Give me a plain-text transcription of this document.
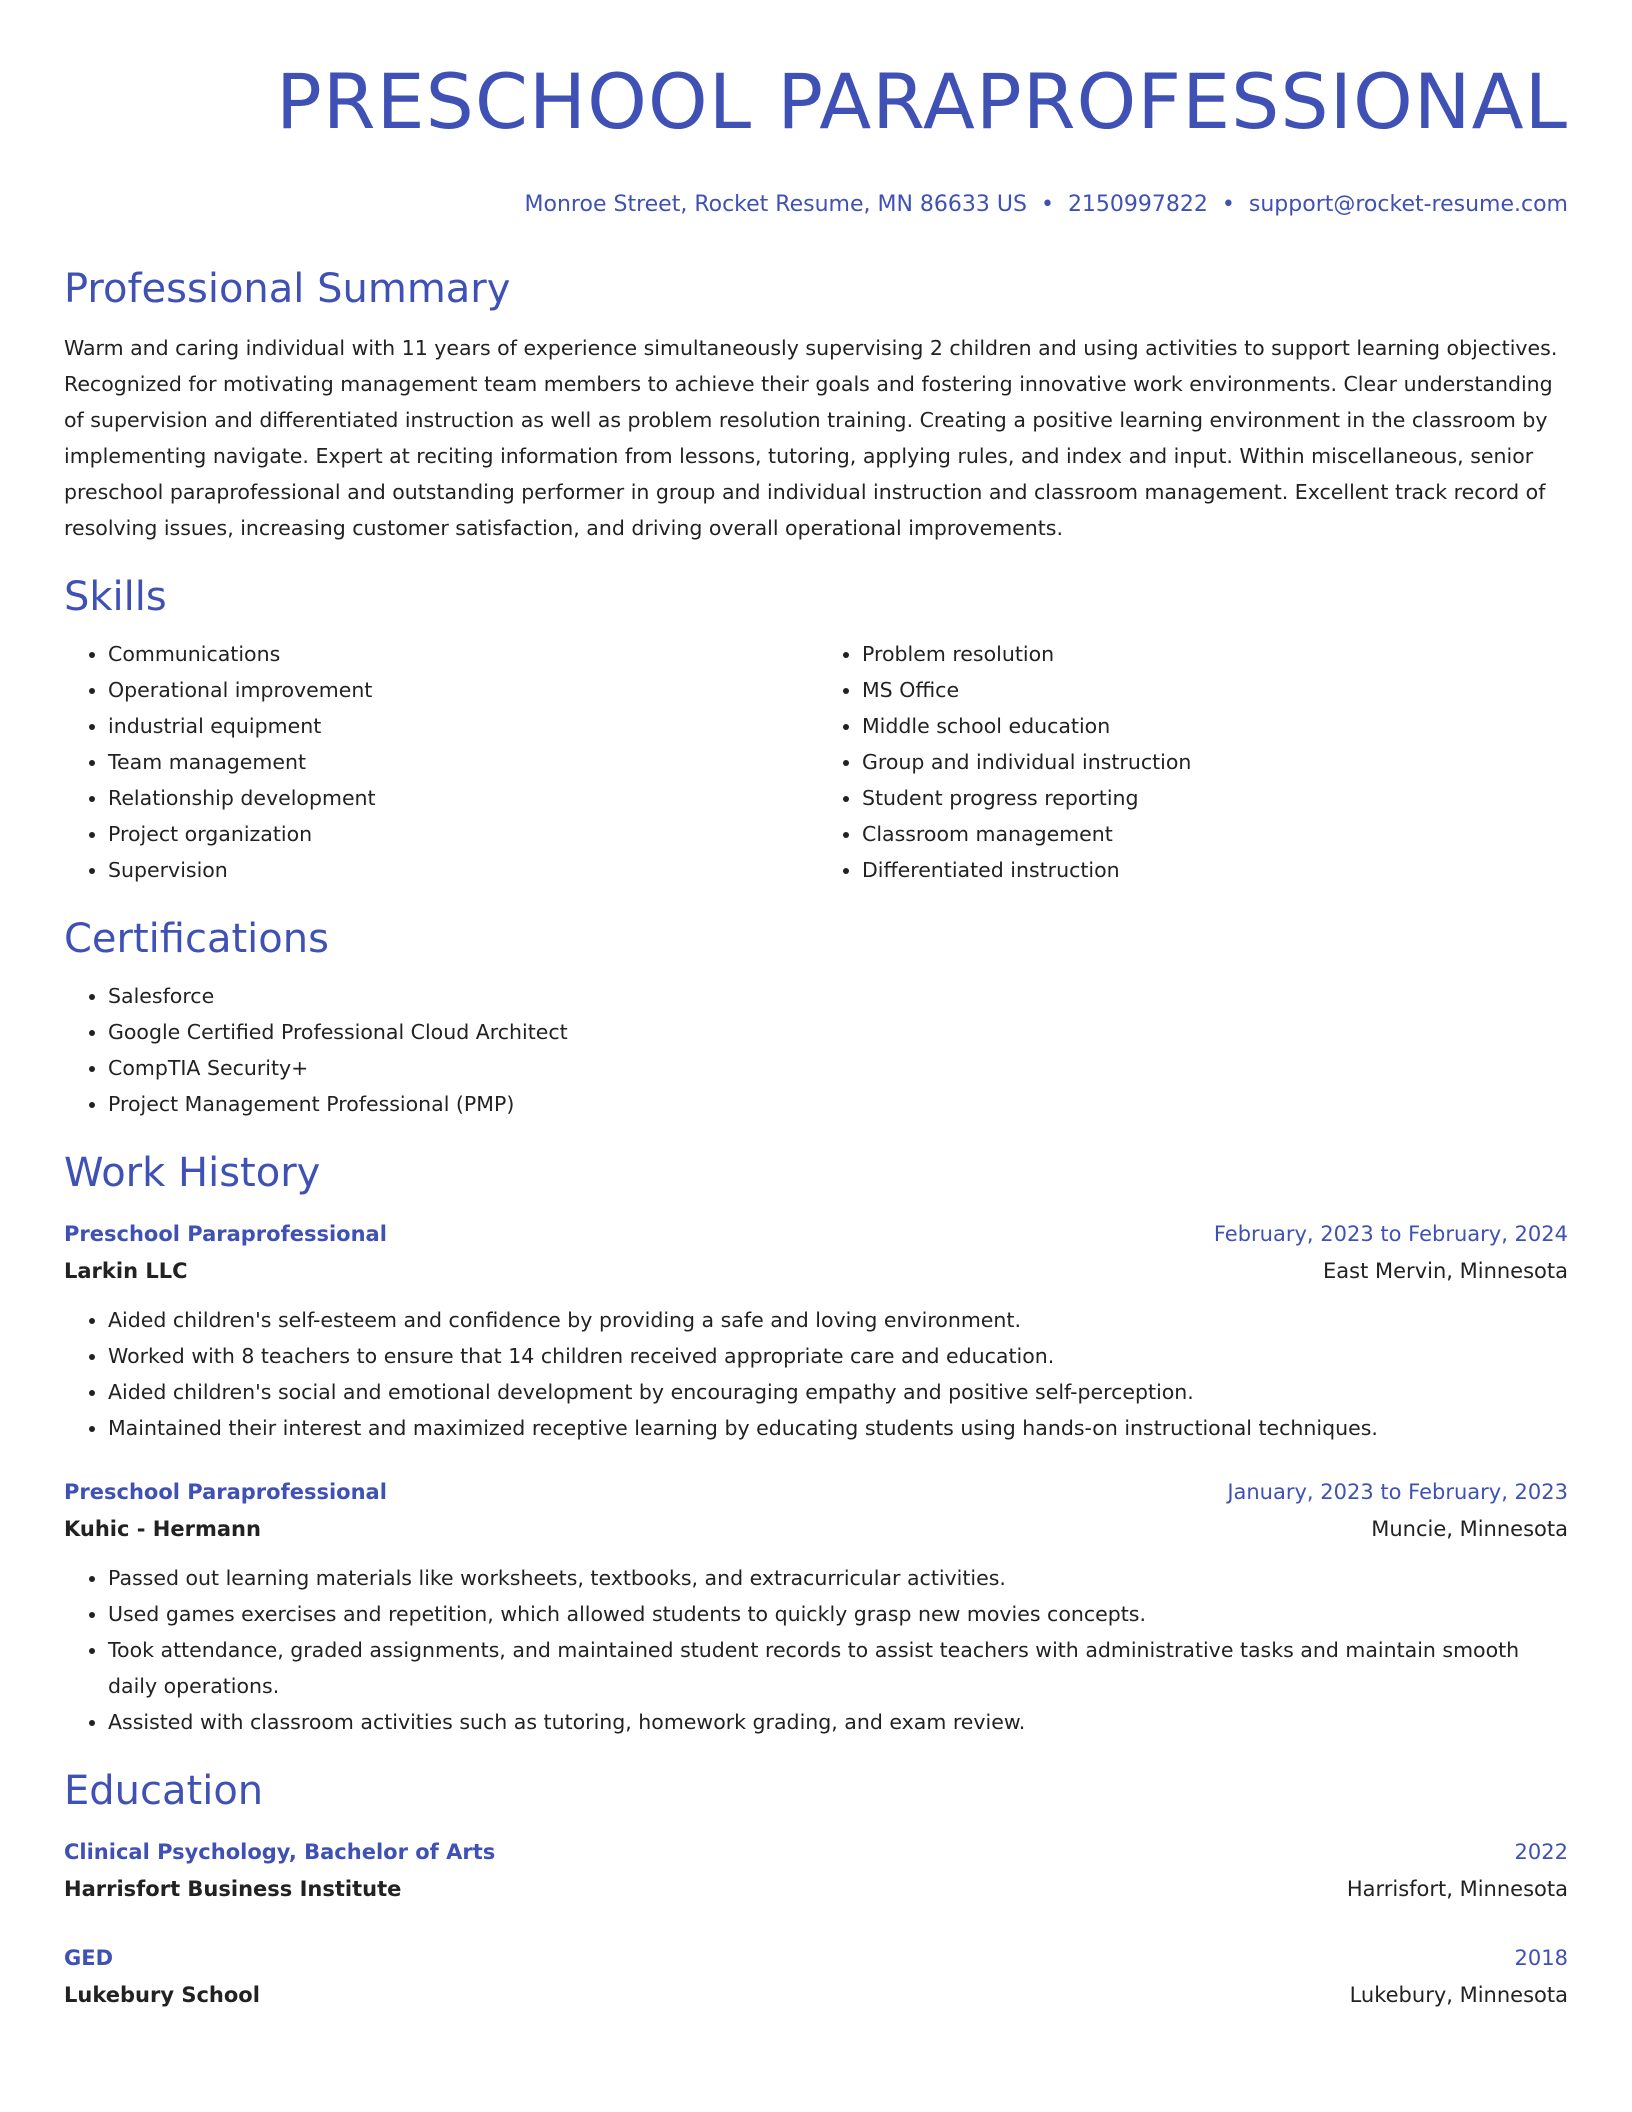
PRESCHOOL PARAPROFESSIONAL
Monroe Street, Rocket Resume, MN 86633 US • 2150997822 • support@rocket-resume.com
Professional Summary

Warm and caring individual with 11 years of experience simultaneously supervising 2 children and using activities to support learning objectives. Recognized for motivating management team members to achieve their goals and fostering innovative work environments. Clear understanding of supervision and differentiated instruction as well as problem resolution training. Creating a positive learning environment in the classroom by implementing navigate. Expert at reciting information from lessons, tutoring, applying rules, and index and input. Within miscellaneous, senior preschool paraprofessional and outstanding performer in group and individual instruction and classroom management. Excellent track record of resolving issues, increasing customer satisfaction, and driving overall operational improvements.

Skills
• Communications
• Operational improvement
• industrial equipment
• Team management
• Relationship development
• Project organization
• Supervision
• Problem resolution
• MS Office
• Middle school education
• Group and individual instruction
• Student progress reporting
• Classroom management
• Differentiated instruction
Certifications
• Salesforce
• Google Certified Professional Cloud Architect
• CompTIA Security+
• Project Management Professional (PMP)
Work History
Preschool Paraprofessional	February, 2023 to February, 2024
Larkin LLC	East Mervin, Minnesota
• Aided children's self-esteem and confidence by providing a safe and loving environment.
• Worked with 8 teachers to ensure that 14 children received appropriate care and education.
• Aided children's social and emotional development by encouraging empathy and positive self-perception.
• Maintained their interest and maximized receptive learning by educating students using hands-on instructional techniques.
Preschool Paraprofessional	January, 2023 to February, 2023
Kuhic - Hermann	Muncie, Minnesota
• Passed out learning materials like worksheets, textbooks, and extracurricular activities.
• Used games exercises and repetition, which allowed students to quickly grasp new movies concepts.
• Took attendance, graded assignments, and maintained student records to assist teachers with administrative tasks and maintain smooth daily operations.
• Assisted with classroom activities such as tutoring, homework grading, and exam review.
Education
Clinical Psychology, Bachelor of Arts	2022
Harrisfort Business Institute	Harrisfort, Minnesota
GED	2018
Lukebury School	Lukebury, Minnesota
